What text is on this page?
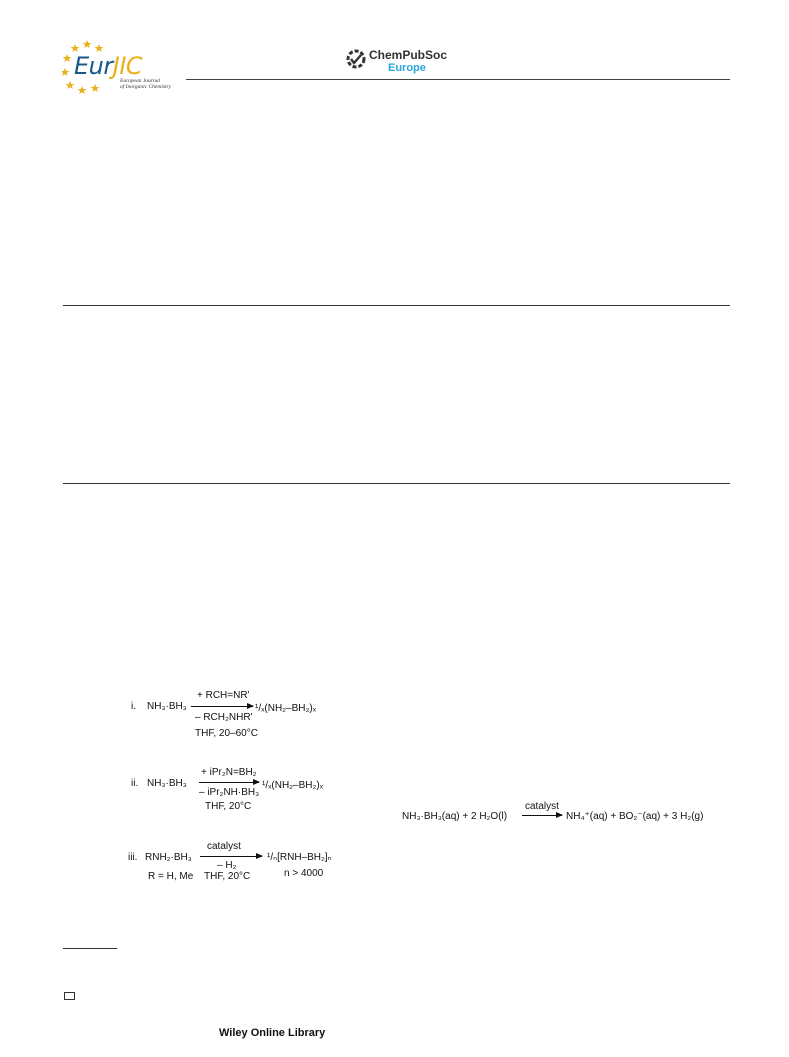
EurJIC
European Journal
of Inorganic Chemistry
ChemPubSoc
Europe
i. NH₃·BH₃
+ RCH=NR'
– RCH₂NHR'
¹/ₓ(NH₂–BH₂)ₓ
THF, 20–60°C
ii. NH₃·BH₃
+ iPr₂N=BH₂
– iPr₂NH·BH₃
¹/ₓ(NH₂–BH₂)ₓ
THF, 20°C
iii. RNH₂·BH₃
catalyst
– H₂
¹/ₙ[RNH–BH₂]ₙ
R = H, Me THF, 20°C	n > 4000
NH₃·BH₃(aq) + 2 H₂O(l)
catalyst
→ NH₄⁺(aq) + BO₂⁻(aq) + 3 H₂(g)
Wiley Online Library
